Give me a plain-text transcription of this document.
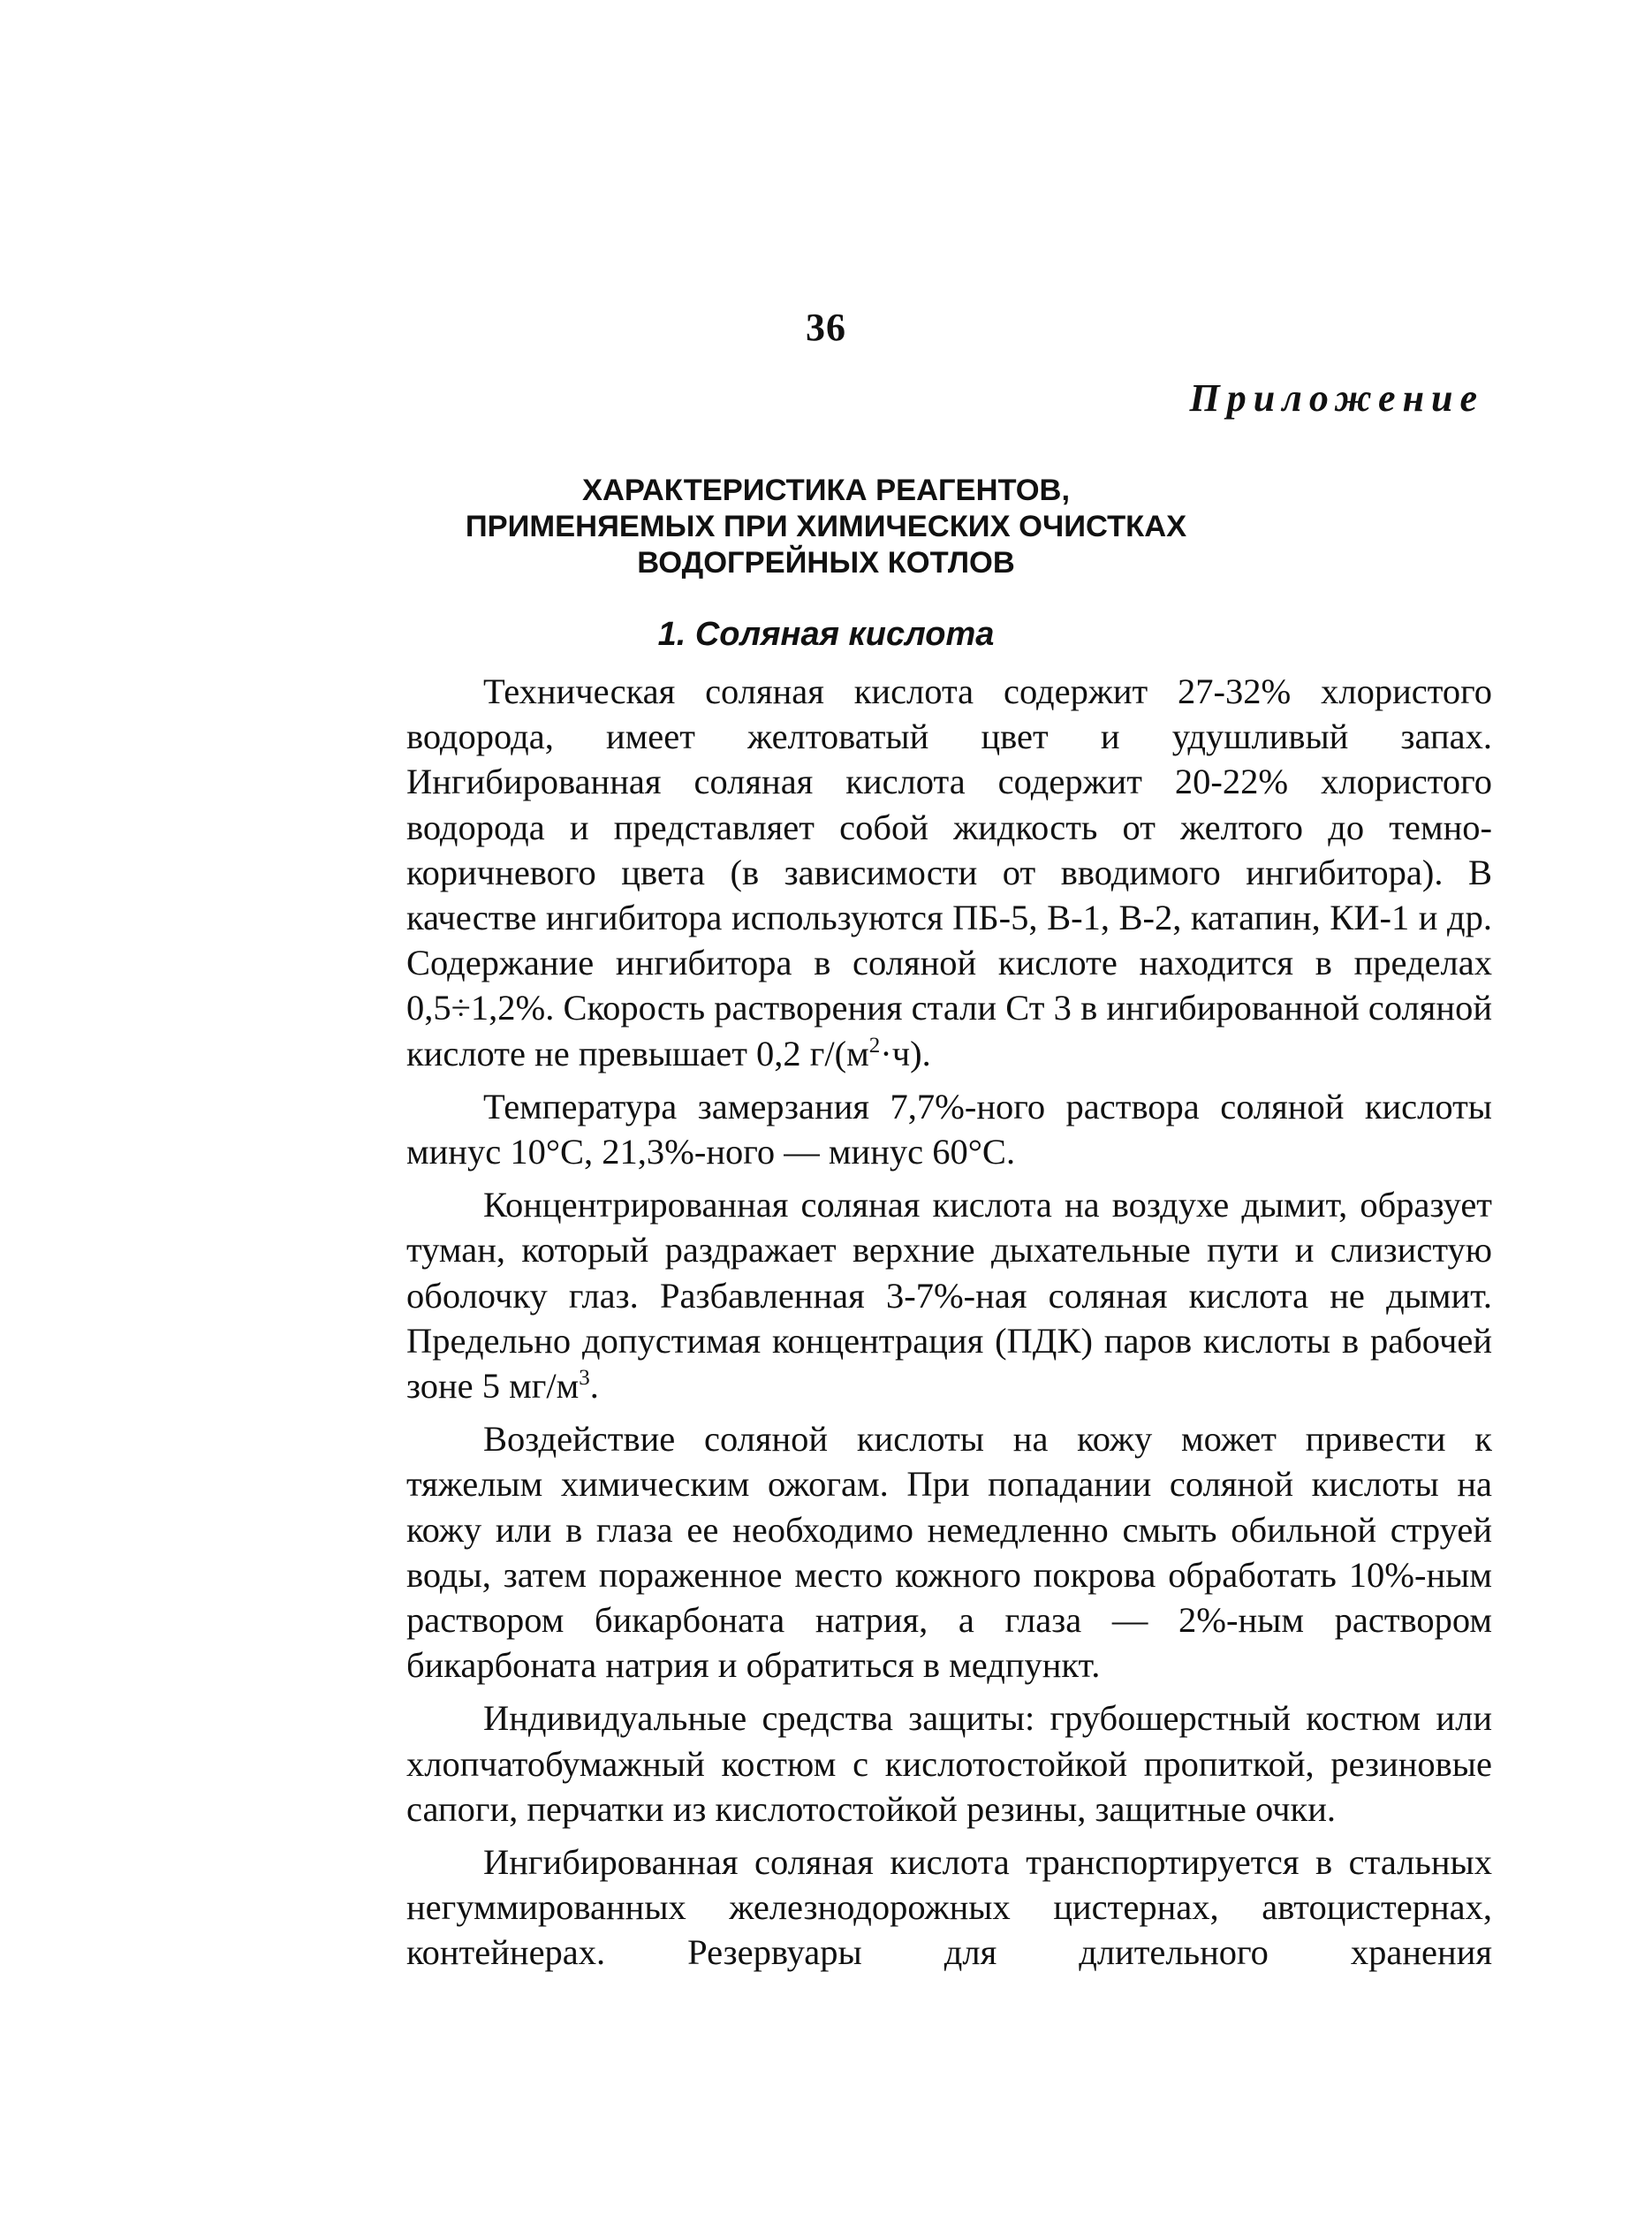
36
Приложение
ХАРАКТЕРИСТИКА РЕАГЕНТОВ,
ПРИМЕНЯЕМЫХ ПРИ ХИМИЧЕСКИХ ОЧИСТКАХ
ВОДОГРЕЙНЫХ КОТЛОВ
1. Соляная кислота

Техническая соляная кислота содержит 27-32% хлористого водорода, имеет желтоватый цвет и удушливый запах. Ингибированная соляная кислота содержит 20-22% хлористого водорода и представляет собой жидкость от желтого до темно-коричневого цвета (в зависимости от вводимого ингибитора). В качестве ингибитора используются ПБ-5, В-1, В-2, катапин, КИ-1 и др. Содержание ингибитора в соляной кислоте находится в пределах 0,5÷1,2%. Скорость растворения стали Ст 3 в ингибированной соляной кислоте не превышает 0,2 $г/(м^2\cdot ч)$.

Температура замерзания 7,7%-ного раствора соляной кислоты минус 10°С, 21,3%-ного — минус 60°С.

Концентрированная соляная кислота на воздухе дымит, образует туман, который раздражает верхние дыхательные пути и слизистую оболочку глаз. Разбавленная 3-7%-ная соляная кислота не дымит. Предельно допустимая концентрация (ПДК) паров кислоты в рабочей зоне 5 $мг/м^3$.

Воздействие соляной кислоты на кожу может привести к тяжелым химическим ожогам. При попадании соляной кислоты на кожу или в глаза ее необходимо немедленно смыть обильной струей воды, затем пораженное место кожного покрова обработать 10%-ным раствором бикарбоната натрия, а глаза — 2%-ным раствором бикарбоната натрия и обратиться в медпункт.

Индивидуальные средства защиты: грубошерстный костюм или хлопчатобумажный костюм с кислотостойкой пропиткой, резиновые сапоги, перчатки из кислотостойкой резины, защитные очки.

Ингибированная соляная кислота транспортируется в стальных негуммированных железнодорожных цистернах, автоцистернах, контейнерах. Резервуары для длительного хранения
